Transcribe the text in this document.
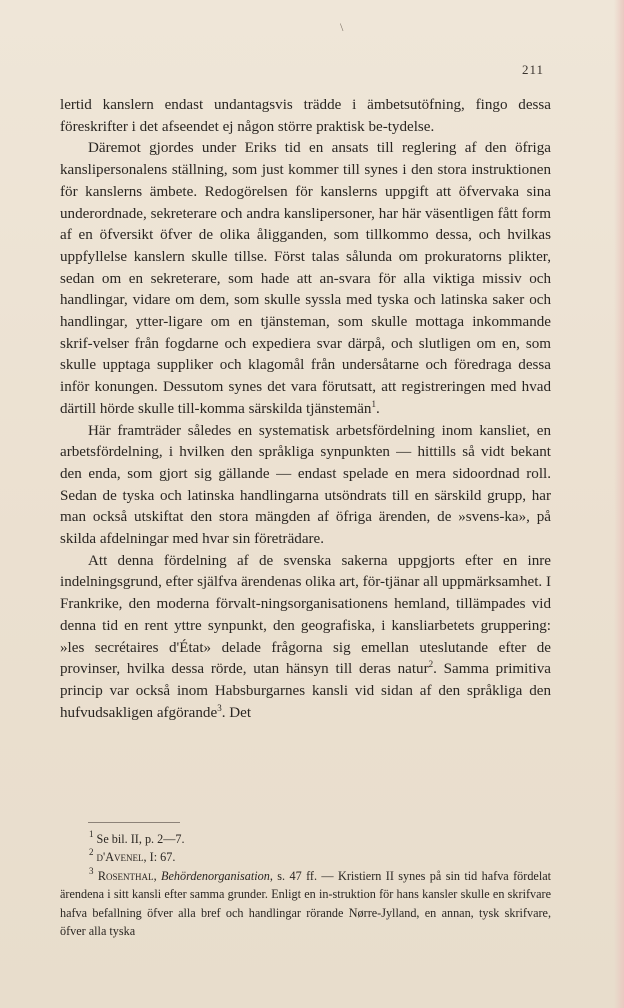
\
211

lertid kanslern endast undantagsvis trädde i ämbetsutöfning, fingo dessa föreskrifter i det afseendet ej någon större praktisk be-tydelse.

Däremot gjordes under Eriks tid en ansats till reglering af den öfriga kanslipersonalens ställning, som just kommer till synes i den stora instruktionen för kanslerns ämbete. Redogörelsen för kanslerns uppgift att öfvervaka sina underordnade, sekreterare och andra kanslipersoner, har här väsentligen fått form af en öfversikt öfver de olika åligganden, som tillkommo dessa, och hvilkas uppfyllelse kanslern skulle tillse. Först talas sålunda om prokuratorns plikter, sedan om en sekreterare, som hade att an-svara för alla viktiga missiv och handlingar, vidare om dem, som skulle syssla med tyska och latinska saker och handlingar, ytter-ligare om en tjänsteman, som skulle mottaga inkommande skrif-velser från fogdarne och expediera svar därpå, och slutligen om en, som skulle upptaga suppliker och klagomål från undersåtarne och föredraga dessa inför konungen. Dessutom synes det vara förutsatt, att registreringen med hvad därtill hörde skulle till-komma särskilda tjänstemän$^1$.

Här framträder således en systematisk arbetsfördelning inom kansliet, en arbetsfördelning, i hvilken den språkliga synpunkten — hittills så vidt bekant den enda, som gjort sig gällande — endast spelade en mera sidoordnad roll. Sedan de tyska och latinska handlingarna utsöndrats till en särskild grupp, har man också utskiftat den stora mängden af öfriga ärenden, de »svens-ka», på skilda afdelningar med hvar sin företrädare.

Att denna fördelning af de svenska sakerna uppgjorts efter en inre indelningsgrund, efter själfva ärendenas olika art, för-tjänar all uppmärksamhet. I Frankrike, den moderna förvalt-ningsorganisationens hemland, tillämpades vid denna tid en rent yttre synpunkt, den geografiska, i kansliarbetets gruppering: »les secrétaires d'État» delade frågorna sig emellan uteslutande efter de provinser, hvilka dessa rörde, utan hänsyn till deras natur$^2$. Samma primitiva princip var också inom Habsburgarnes kansli vid sidan af den språkliga den hufvudsakligen afgörande$^3$. Det

$^1$ Se bil. II, p. 2—7.

$^2$ d'Avenel, I: 67.

$^3$ Rosenthal, Behördenorganisation, s. 47 ff. — Kristiern II synes på sin tid hafva fördelat ärendena i sitt kansli efter samma grunder. Enligt en in-struktion för hans kansler skulle en skrifvare hafva befallning öfver alla bref och handlingar rörande Nørre-Jylland, en annan, tysk skrifvare, öfver alla tyska
